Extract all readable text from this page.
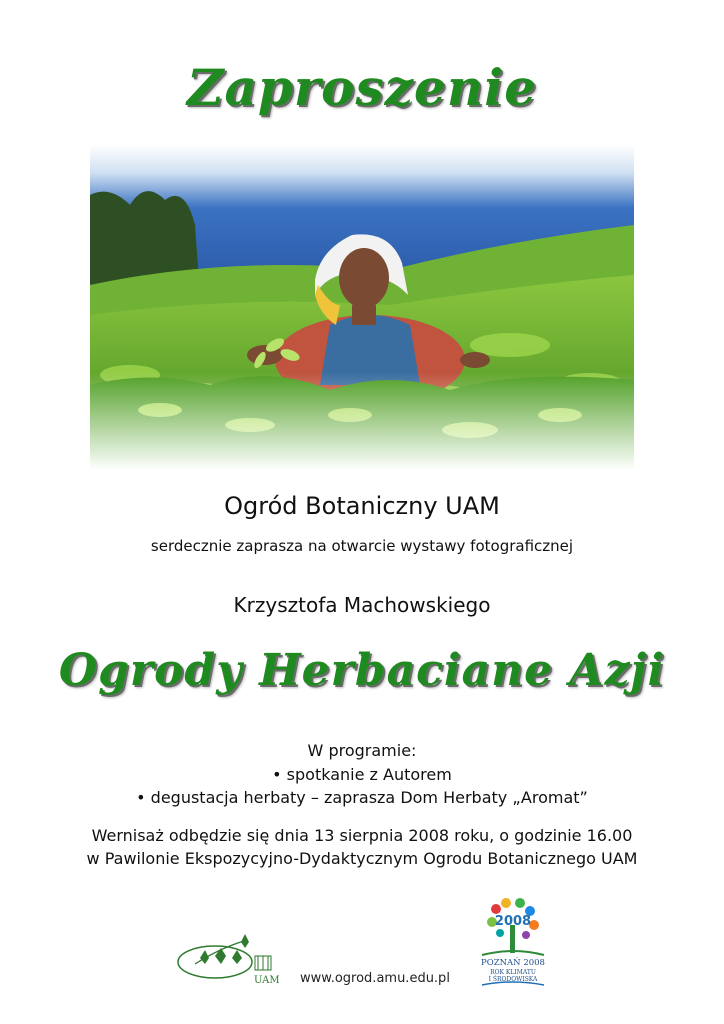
Zaproszenie
Ogród Botaniczny UAM
serdecznie zaprasza na otwarcie wystawy fotograficznej
Krzysztofa Machowskiego
Ogrody Herbaciane Azji
W programie:
• spotkanie z Autorem
• degustacja herbaty – zaprasza Dom Herbaty „Aromat”
Wernisaż odbędzie się dnia 13 sierpnia 2008 roku, o godzinie 16.00
w Pawilonie Ekspozycyjno-Dydaktycznym Ogrodu Botanicznego UAM
UAM www.ogrod.amu.edu.pl
2008
POZNAŃ 2008
ROK KLIMATU
I ŚRODOWISKA
